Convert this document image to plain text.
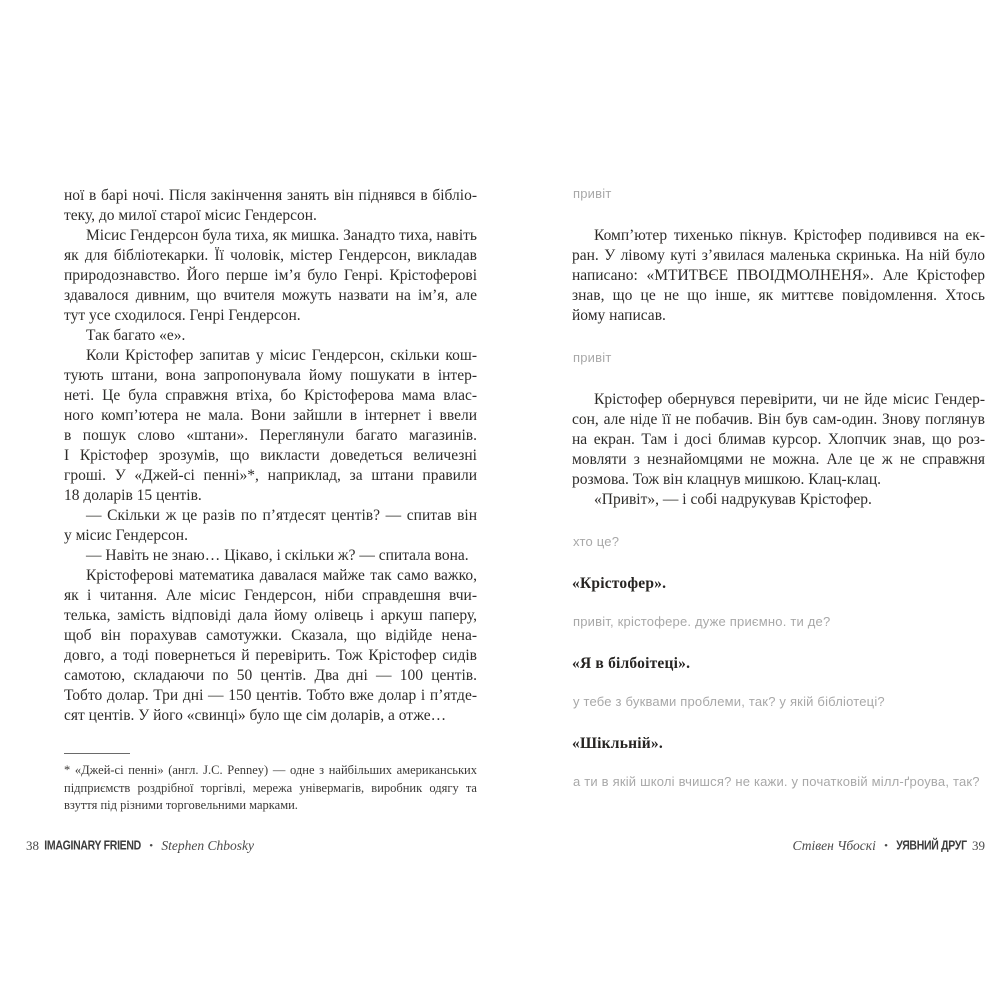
ної в барі ночі. Після закінчення занять він піднявся в бібліо-
теку, до милої старої місис Гендерсон.
Місис Гендерсон була тиха, як мишка. Занадто тиха, навіть
як для бібліотекарки. Її чоловік, містер Гендерсон, викладав
природознавство. Його перше ім’я було Генрі. Крістоферові
здавалося дивним, що вчителя можуть назвати на ім’я, але
тут усе сходилося. Генрі Гендерсон.
Так багато «е».
Коли Крістофер запитав у місис Гендерсон, скільки кош-
тують штани, вона запропонувала йому пошукати в інтер-
неті. Це була справжня втіха, бо Крістоферова мама влас-
ного комп’ютера не мала. Вони зайшли в інтернет і ввели
в пошук слово «штани». Переглянули багато магазинів.
І Крістофер зрозумів, що викласти доведеться величезні
гроші. У «Джей-сі пенні»*, наприклад, за штани правили
18 доларів 15 центів.
— Скільки ж це разів по п’ятдесят центів? — спитав він
у місис Гендерсон.
— Навіть не знаю… Цікаво, і скільки ж? — спитала вона.
Крістоферові математика давалася майже так само важко,
як і читання. Але місис Гендерсон, ніби справдешня вчи-
телька, замість відповіді дала йому олівець і аркуш паперу,
щоб він порахував самотужки. Сказала, що відійде нена-
довго, а тоді повернеться й перевірить. Тож Крістофер сидів
самотою, складаючи по 50 центів. Два дні — 100 центів.
Тобто долар. Три дні — 150 центів. Тобто вже долар і п’ятде-
сят центів. У його «свинці» було ще сім доларів, а отже…
* «Джей-сі пенні» (англ. J.C. Penney) — одне з найбільших американських
підприємств роздрібної торгівлі, мережа універмагів, виробник одягу та
взуття під різними торговельними марками.
привіт
Комп’ютер тихенько пікнув. Крістофер подивився на ек-
ран. У лівому куті з’явилася маленька скринька. На ній було
написано: «МТИТВЄЕ ПВОІДМОЛНЕНЯ». Але Крістофер
знав, що це не що інше, як миттєве повідомлення. Хтось
йому написав.
привіт
Крістофер обернувся перевірити, чи не йде місис Гендер-
сон, але ніде її не побачив. Він був сам-один. Знову поглянув
на екран. Там і досі блимав курсор. Хлопчик знав, що роз-
мовляти з незнайомцями не можна. Але це ж не справжня
розмова. Тож він клацнув мишкою. Клац-клац.
«Привіт», — і собі надрукував Крістофер.
хто це?
«Крістофер».
привіт, крістофере. дуже приємно. ти де?
«Я в білбоітеці».
у тебе з буквами проблеми, так? у якій бібліотеці?
«Шікльній».
а ти в якій школі вчишся? не кажи. у початковій мілл-ґроува, так?
38 IMAGINARY FRIEND • Stephen Chbosky	Стівен Чбоскі • УЯВНИЙ ДРУГ 39
